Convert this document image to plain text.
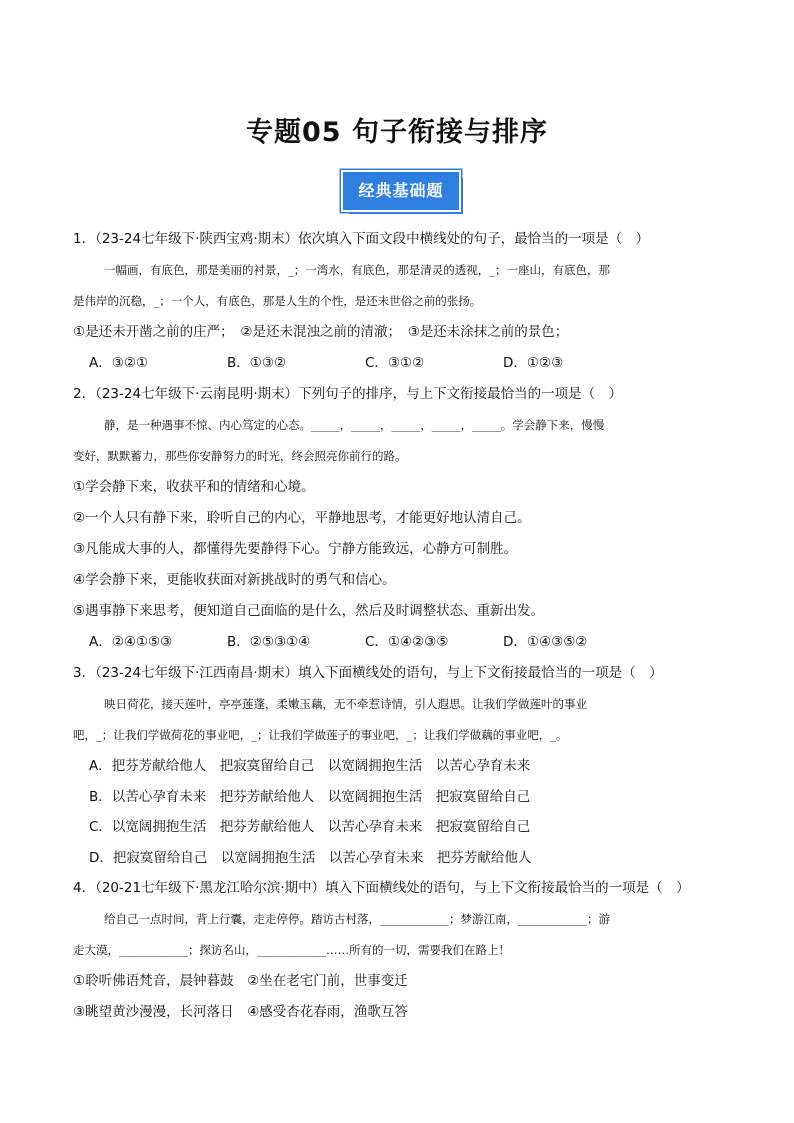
专题05 句子衔接与排序
经典基础题

1．（23-24七年级下·陕西宝鸡·期末）依次填入下面文段中横线处的句子，最恰当的一项是（　）

一幅画，有底色，那是美丽的衬景，_；一湾水，有底色，那是清灵的透视，_；一座山，有底色，那

是伟岸的沉稳，_；一个人，有底色，那是人生的个性，是还未世俗之前的张扬。

①是还未开凿之前的庄严；　②是还未混浊之前的清澈；　③是还未涂抹之前的景色；

A．③②①	B．①③②	C．③①②	D．①②③

2．（23-24七年级下·云南昆明·期末）下列句子的排序，与上下文衔接最恰当的一项是（　）

静，是一种遇事不惊、内心笃定的心态。_____，_____，_____，_____，_____。学会静下来，慢慢

变好，默默蓄力，那些你安静努力的时光，终会照亮你前行的路。

①学会静下来，收获平和的情绪和心境。

②一个人只有静下来，聆听自己的内心，平静地思考，才能更好地认清自己。

③凡能成大事的人，都懂得先要静得下心。宁静方能致远，心静方可制胜。

④学会静下来，更能收获面对新挑战时的勇气和信心。

⑤遇事静下来思考，便知道自己面临的是什么，然后及时调整状态、重新出发。

A．②④①⑤③	B．②⑤③①④	C．①④②③⑤	D．①④③⑤②

3．（23-24七年级下·江西南昌·期末）填入下面横线处的语句，与上下文衔接最恰当的一项是（　）

映日荷花，接天莲叶，亭亭莲蓬，柔嫩玉藕，无不牵惹诗情，引人遐思。让我们学做莲叶的事业

吧，_；让我们学做荷花的事业吧，_；让我们学做莲子的事业吧，_；让我们学做藕的事业吧，_。

A．把芬芳献给他人　把寂寞留给自己　以宽阔拥抱生活　以苦心孕育未来

B．以苦心孕育未来　把芬芳献给他人　以宽阔拥抱生活　把寂寞留给自己

C．以宽阔拥抱生活　把芬芳献给他人　以苦心孕育未来　把寂寞留给自己

D．把寂寞留给自己　以宽阔拥抱生活　以苦心孕育未来　把芬芳献给他人

4．（20-21七年级下·黑龙江哈尔滨·期中）填入下面横线处的语句，与上下文衔接最恰当的一项是（　）

给自己一点时间，背上行囊，走走停停。踏访古村落，____________；梦游江南，____________；游

走大漠，____________；探访名山，____________……所有的一切，需要我们在路上！

①聆听佛语梵音，晨钟暮鼓　②坐在老宅门前，世事变迁

③眺望黄沙漫漫，长河落日　④感受杏花春雨，渔歌互答
